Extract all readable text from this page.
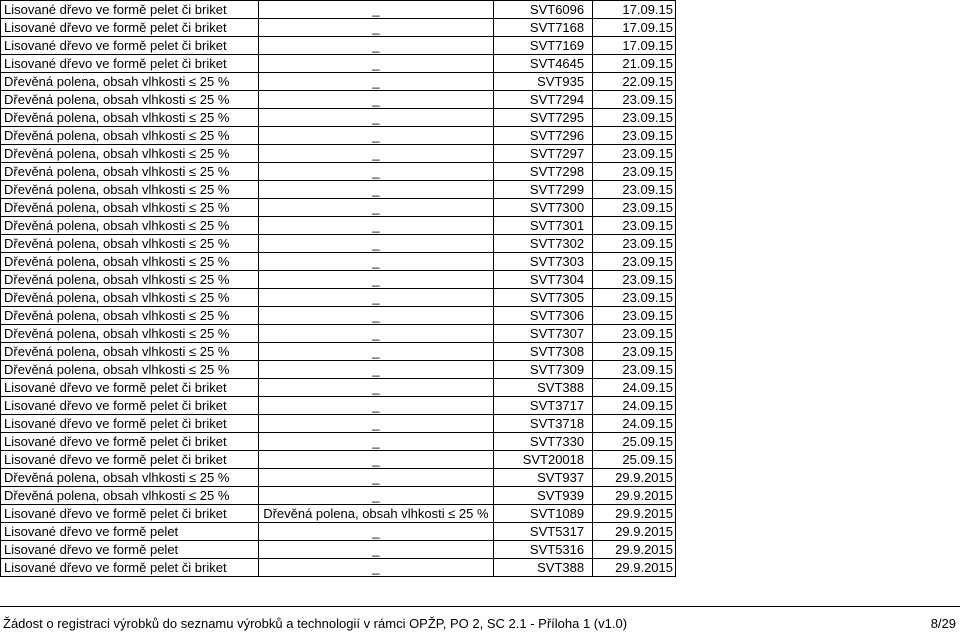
Lisované dřevo ve formě pelet či briket	_	SVT6096	17.09.15
Lisované dřevo ve formě pelet či briket	_	SVT7168	17.09.15
Lisované dřevo ve formě pelet či briket	_	SVT7169	17.09.15
Lisované dřevo ve formě pelet či briket	_	SVT4645	21.09.15
Dřevěná polena, obsah vlhkosti ≤ 25 %	_	SVT935	22.09.15
Dřevěná polena, obsah vlhkosti ≤ 25 %	_	SVT7294	23.09.15
Dřevěná polena, obsah vlhkosti ≤ 25 %	_	SVT7295	23.09.15
Dřevěná polena, obsah vlhkosti ≤ 25 %	_	SVT7296	23.09.15
Dřevěná polena, obsah vlhkosti ≤ 25 %	_	SVT7297	23.09.15
Dřevěná polena, obsah vlhkosti ≤ 25 %	_	SVT7298	23.09.15
Dřevěná polena, obsah vlhkosti ≤ 25 %	_	SVT7299	23.09.15
Dřevěná polena, obsah vlhkosti ≤ 25 %	_	SVT7300	23.09.15
Dřevěná polena, obsah vlhkosti ≤ 25 %	_	SVT7301	23.09.15
Dřevěná polena, obsah vlhkosti ≤ 25 %	_	SVT7302	23.09.15
Dřevěná polena, obsah vlhkosti ≤ 25 %	_	SVT7303	23.09.15
Dřevěná polena, obsah vlhkosti ≤ 25 %	_	SVT7304	23.09.15
Dřevěná polena, obsah vlhkosti ≤ 25 %	_	SVT7305	23.09.15
Dřevěná polena, obsah vlhkosti ≤ 25 %	_	SVT7306	23.09.15
Dřevěná polena, obsah vlhkosti ≤ 25 %	_	SVT7307	23.09.15
Dřevěná polena, obsah vlhkosti ≤ 25 %	_	SVT7308	23.09.15
Dřevěná polena, obsah vlhkosti ≤ 25 %	_	SVT7309	23.09.15
Lisované dřevo ve formě pelet či briket	_	SVT388	24.09.15
Lisované dřevo ve formě pelet či briket	_	SVT3717	24.09.15
Lisované dřevo ve formě pelet či briket	_	SVT3718	24.09.15
Lisované dřevo ve formě pelet či briket	_	SVT7330	25.09.15
Lisované dřevo ve formě pelet či briket	_	SVT20018	25.09.15
Dřevěná polena, obsah vlhkosti ≤ 25 %	_	SVT937	29.9.2015
Dřevěná polena, obsah vlhkosti ≤ 25 %	_	SVT939	29.9.2015
Lisované dřevo ve formě pelet či briket	Dřevěná polena, obsah vlhkosti ≤ 25 %	SVT1089	29.9.2015
Lisované dřevo ve formě pelet	_	SVT5317	29.9.2015
Lisované dřevo ve formě pelet	_	SVT5316	29.9.2015
Lisované dřevo ve formě pelet či briket	_	SVT388	29.9.2015
Žádost o registraci výrobků do seznamu výrobků a technologií v rámci OPŽP, PO 2, SC 2.1 - Příloha 1 (v1.0)	8/29
